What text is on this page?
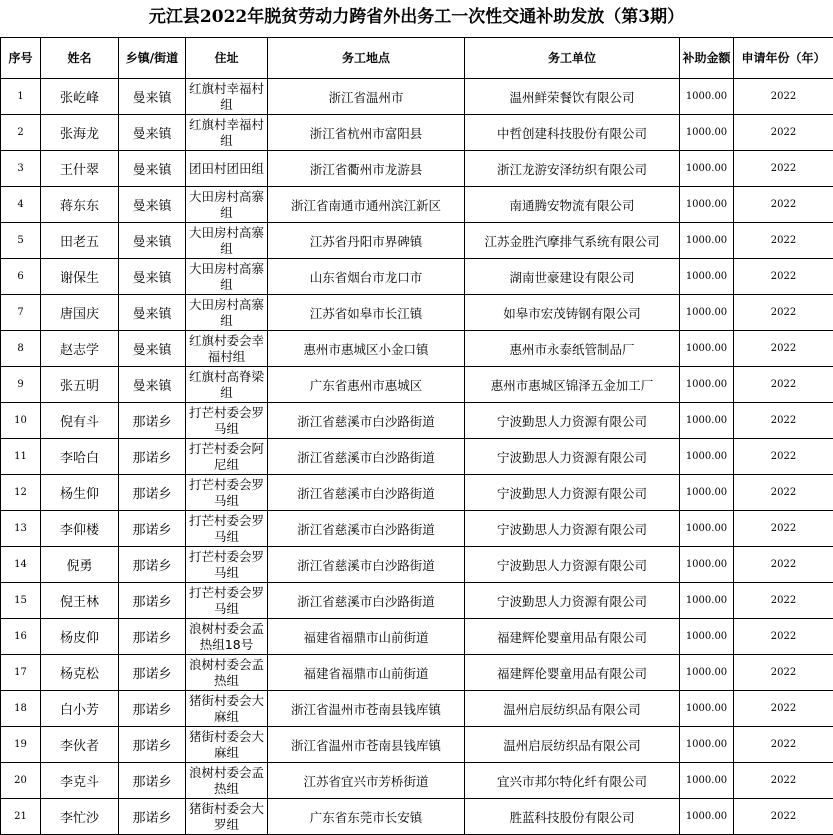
元江县2022年脱贫劳动力跨省外出务工一次性交通补助发放（第3期）
序号	姓名	乡镇/街道	住址	务工地点	务工单位	补助金额	申请年份（年）
1	张屹峰	曼来镇	红旗村幸福村组	浙江省温州市	温州鲜荣餐饮有限公司	1000.00	2022
2	张海龙	曼来镇	红旗村幸福村组	浙江省杭州市富阳县	中哲创建科技股份有限公司	1000.00	2022
3	王什翠	曼来镇	团田村团田组	浙江省衢州市龙游县	浙江龙游安泽纺织有限公司	1000.00	2022
4	蒋东东	曼来镇	大田房村高寨组	浙江省南通市通州滨江新区	南通腾安物流有限公司	1000.00	2022
5	田老五	曼来镇	大田房村高寨组	江苏省丹阳市界碑镇	江苏金胜汽摩排气系统有限公司	1000.00	2022
6	谢保生	曼来镇	大田房村高寨组	山东省烟台市龙口市	湖南世豪建设有限公司	1000.00	2022
7	唐国庆	曼来镇	大田房村高寨组	江苏省如皋市长江镇	如皋市宏茂铸钢有限公司	1000.00	2022
8	赵志学	曼来镇	红旗村委会幸福村组	惠州市惠城区小金口镇	惠州市永泰纸管制品厂	1000.00	2022
9	张五明	曼来镇	红旗村高脊梁组	广东省惠州市惠城区	惠州市惠城区锦泽五金加工厂	1000.00	2022
10	倪有斗	那诺乡	打芒村委会罗马组	浙江省慈溪市白沙路街道	宁波勤思人力资源有限公司	1000.00	2022
11	李哈白	那诺乡	打芒村委会阿尼组	浙江省慈溪市白沙路街道	宁波勤思人力资源有限公司	1000.00	2022
12	杨生仰	那诺乡	打芒村委会罗马组	浙江省慈溪市白沙路街道	宁波勤思人力资源有限公司	1000.00	2022
13	李仰楼	那诺乡	打芒村委会罗马组	浙江省慈溪市白沙路街道	宁波勤思人力资源有限公司	1000.00	2022
14	倪勇	那诺乡	打芒村委会罗马组	浙江省慈溪市白沙路街道	宁波勤思人力资源有限公司	1000.00	2022
15	倪王林	那诺乡	打芒村委会罗马组	浙江省慈溪市白沙路街道	宁波勤思人力资源有限公司	1000.00	2022
16	杨皮仰	那诺乡	浪树村委会孟热组18号	福建省福鼎市山前街道	福建辉伦婴童用品有限公司	1000.00	2022
17	杨克松	那诺乡	浪树村委会孟热组	福建省福鼎市山前街道	福建辉伦婴童用品有限公司	1000.00	2022
18	白小芳	那诺乡	猪街村委会大麻组	浙江省温州市苍南县钱库镇	温州启辰纺织品有限公司	1000.00	2022
19	李伙者	那诺乡	猪街村委会大麻组	浙江省温州市苍南县钱库镇	温州启辰纺织品有限公司	1000.00	2022
20	李克斗	那诺乡	浪树村委会孟热组	江苏省宜兴市芳桥街道	宜兴市邦尔特化纤有限公司	1000.00	2022
21	李忙沙	那诺乡	猪街村委会大罗组	广东省东莞市长安镇	胜蓝科技股份有限公司	1000.00	2022
